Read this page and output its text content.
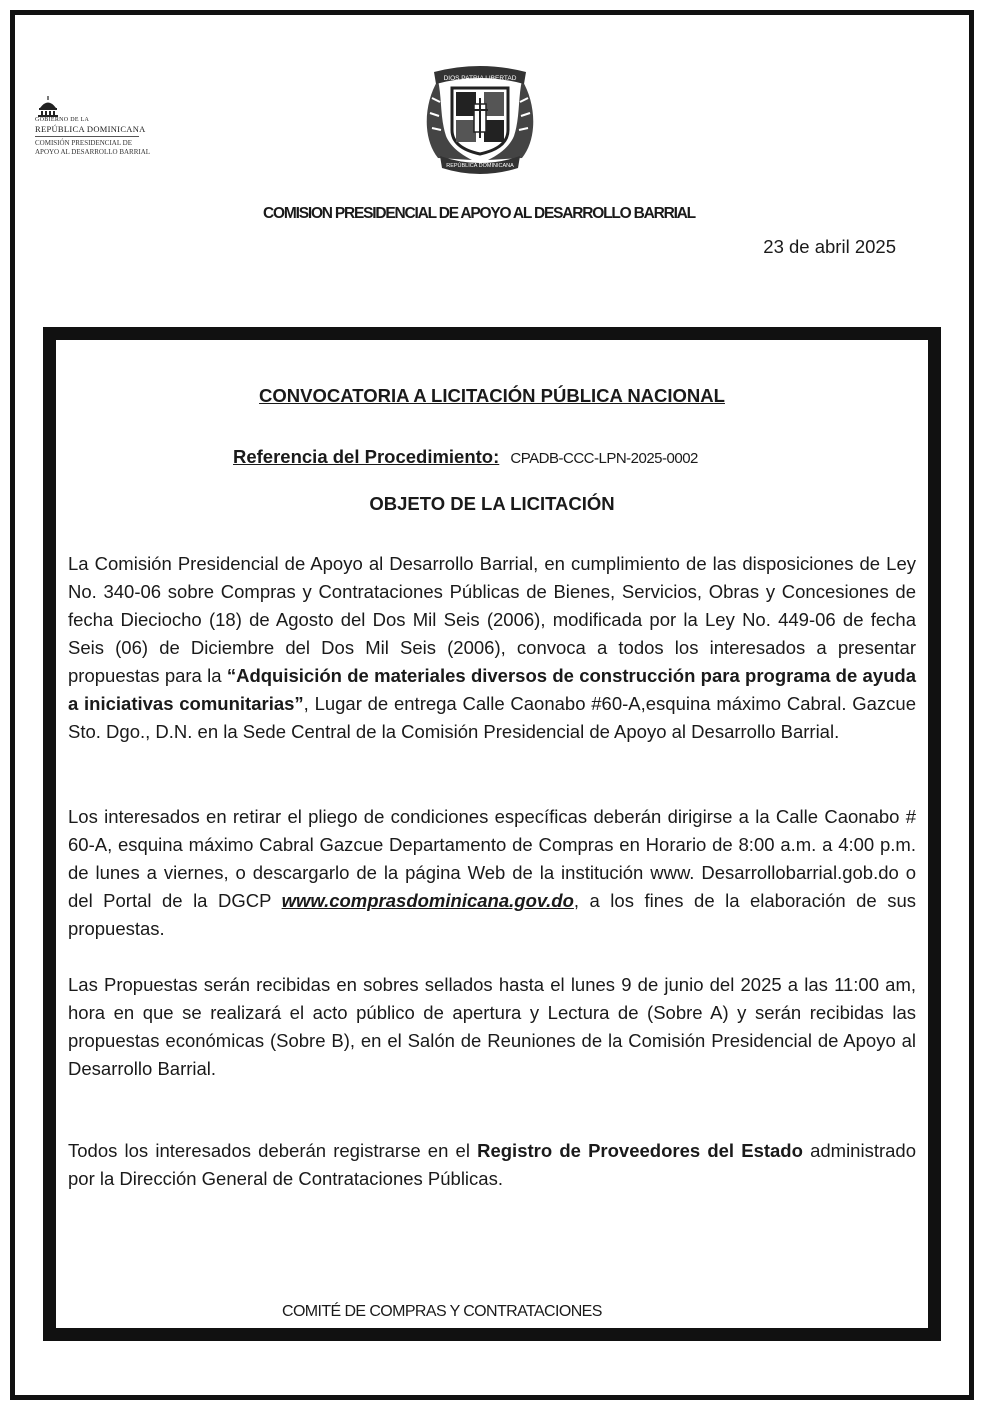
GOBIERNO DE LA
REPÚBLICA DOMINICANA
COMISIÓN PRESIDENCIAL DE
APOYO AL DESARROLLO BARRIAL
DIOS PATRIA LIBERTAD
REPÚBLICA DOMINICANA
COMISION PRESIDENCIAL DE APOYO AL DESARROLLO BARRIAL
23 de abril 2025
CONVOCATORIA A LICITACIÓN PÚBLICA NACIONAL
Referencia del Procedimiento: CPADB-CCC-LPN-2025-0002
OBJETO DE LA LICITACIÓN

La Comisión Presidencial de Apoyo al Desarrollo Barrial, en cumplimiento de las disposiciones de Ley No. 340-06 sobre Compras y Contrataciones Públicas de Bienes, Servicios, Obras y Concesiones de fecha Dieciocho (18) de Agosto del Dos Mil Seis (2006), modificada por la Ley No. 449-06 de fecha Seis (06) de Diciembre del Dos Mil Seis (2006), convoca a todos los interesados a presentar propuestas para la “Adquisición de materiales diversos de construcción para programa de ayuda a iniciativas comunitarias”, Lugar de entrega Calle Caonabo #60-A,esquina máximo Cabral. Gazcue Sto. Dgo., D.N. en la Sede Central de la Comisión Presidencial de Apoyo al Desarrollo Barrial.

Los interesados en retirar el pliego de condiciones específicas deberán dirigirse a la Calle Caonabo # 60-A, esquina máximo Cabral Gazcue Departamento de Compras en Horario de 8:00 a.m. a 4:00 p.m. de lunes a viernes, o descargarlo de la página Web de la institución www. Desarrollobarrial.gob.do o del Portal de la DGCP www.comprasdominicana.gov.do, a los fines de la elaboración de sus propuestas.

Las Propuestas serán recibidas en sobres sellados hasta el lunes 9 de junio del 2025 a las 11:00 am, hora en que se realizará el acto público de apertura y Lectura de (Sobre A) y serán recibidas las propuestas económicas (Sobre B), en el Salón de Reuniones de la Comisión Presidencial de Apoyo al Desarrollo Barrial.

Todos los interesados deberán registrarse en el Registro de Proveedores del Estado administrado por la Dirección General de Contrataciones Públicas.

COMITÉ DE COMPRAS Y CONTRATACIONES
